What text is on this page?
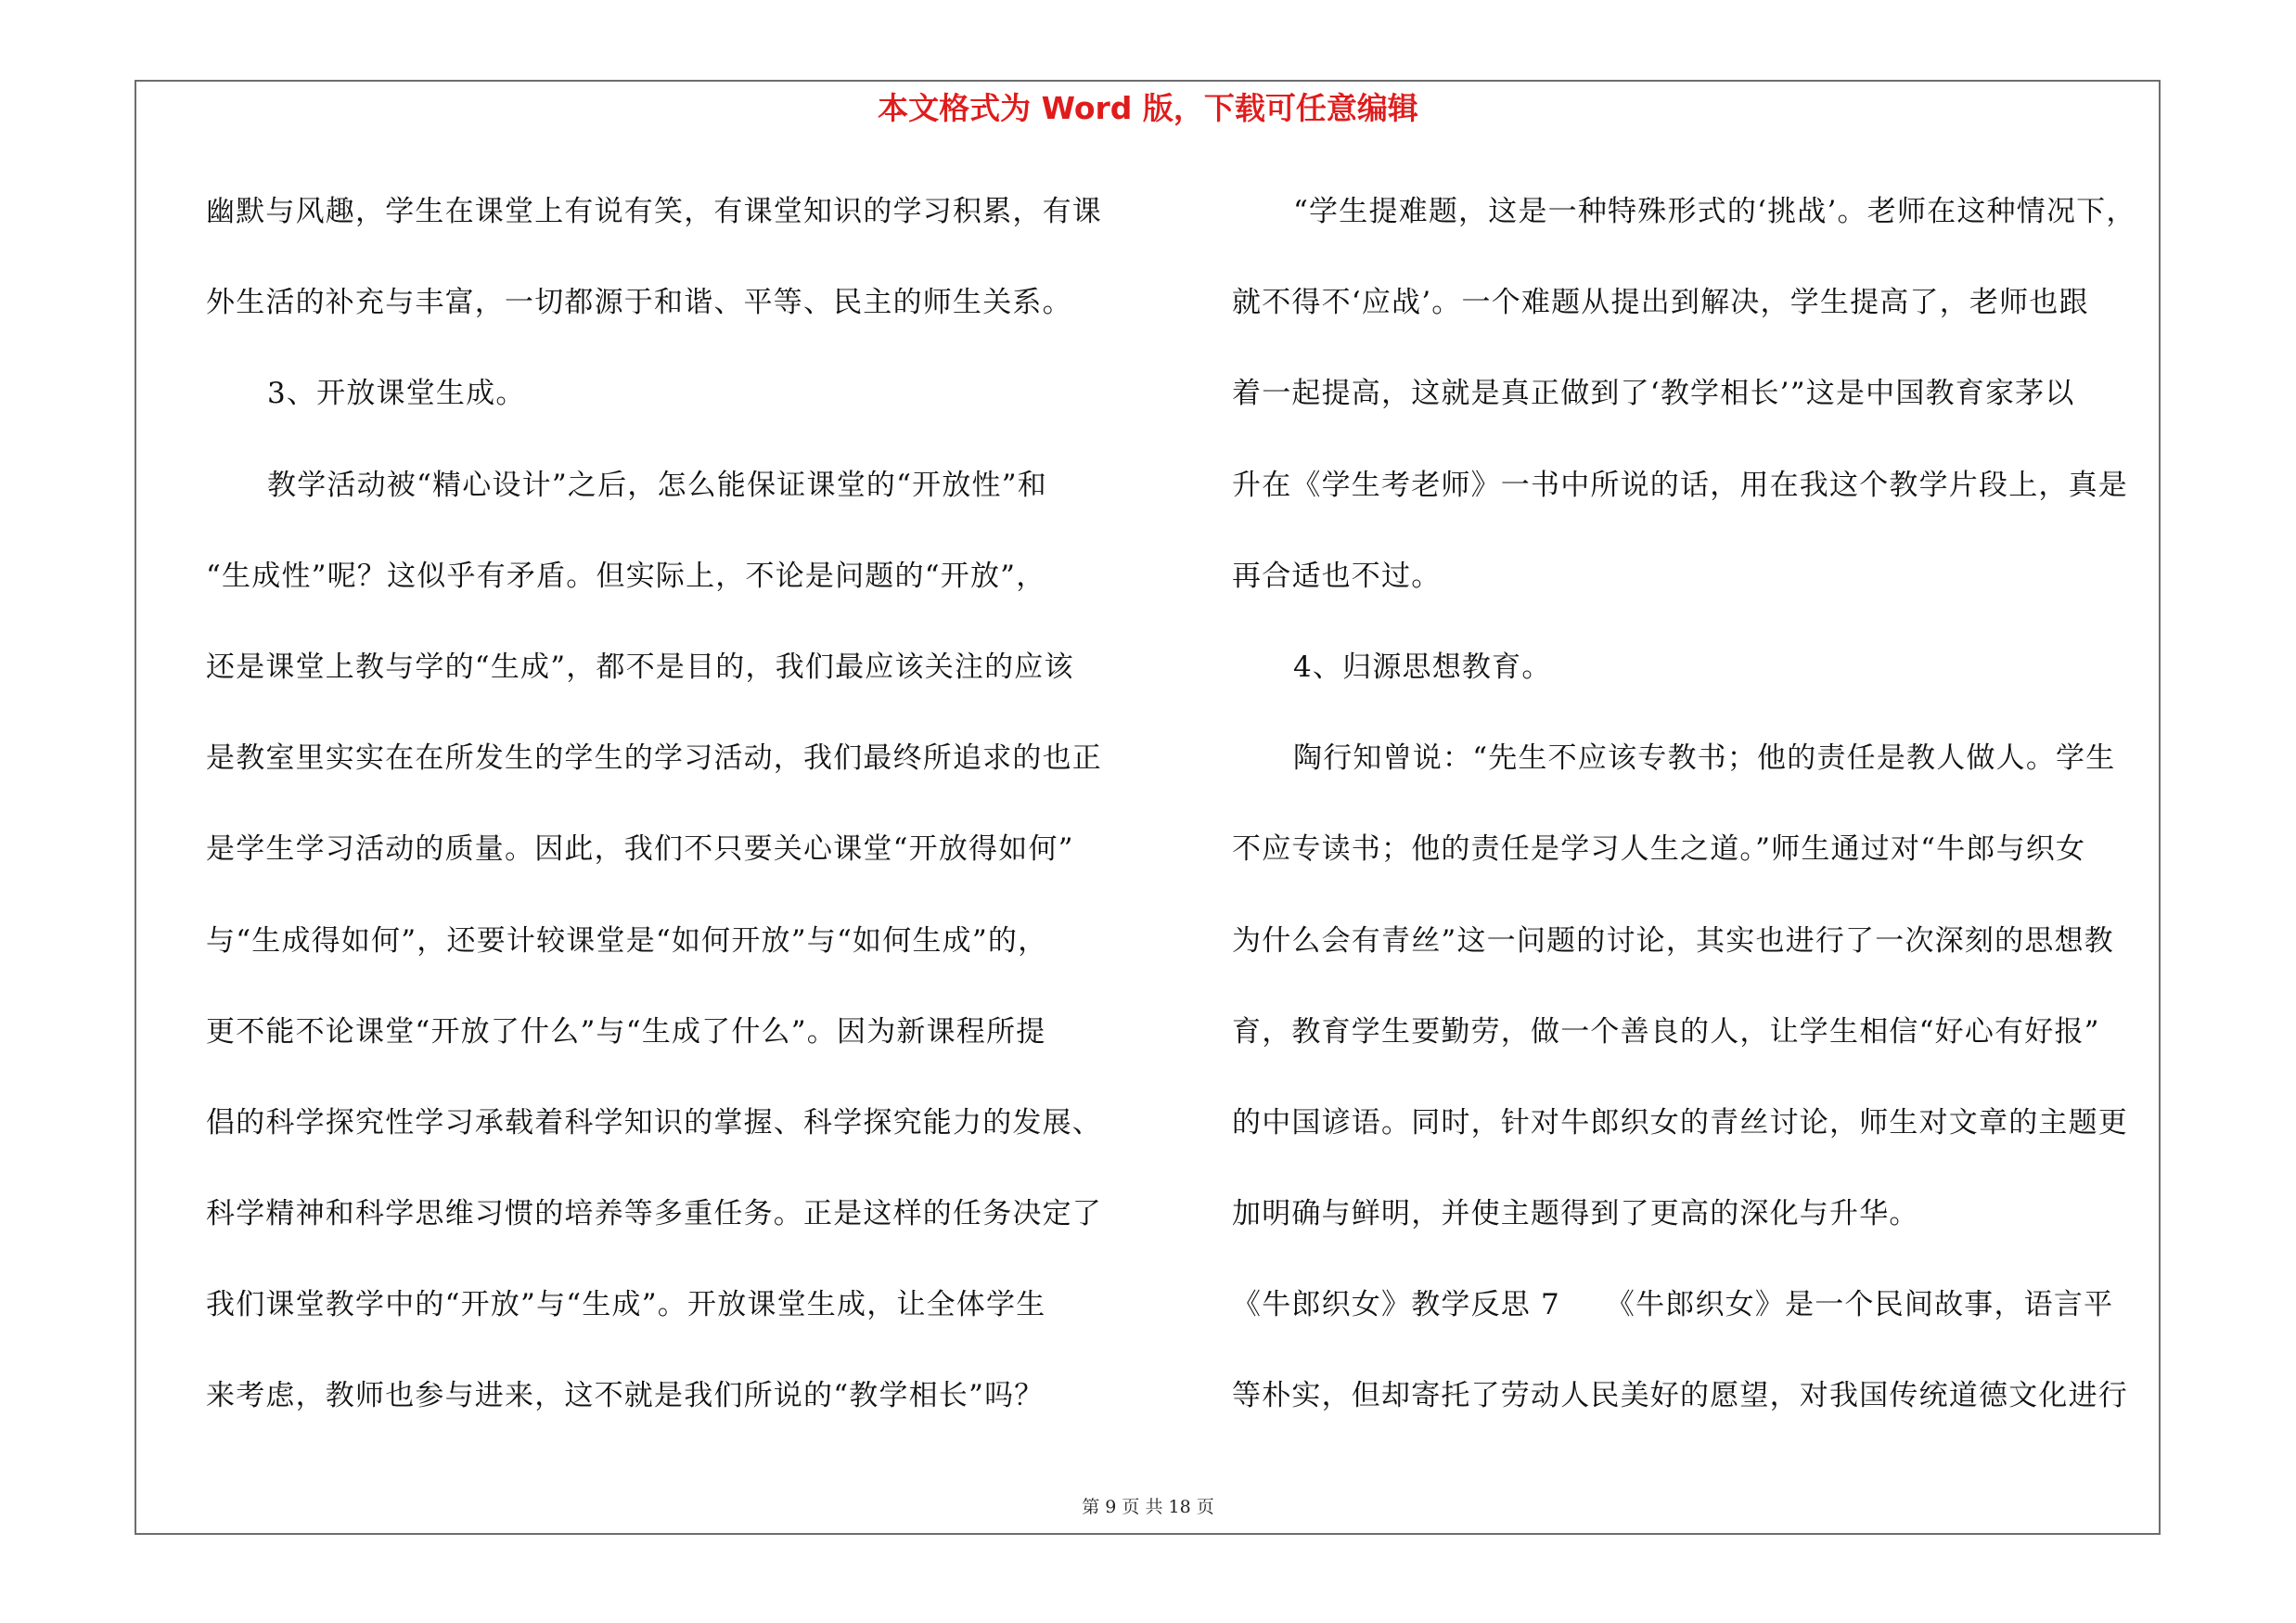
本文格式为 Word 版，下载可任意编辑
幽默与风趣，学生在课堂上有说有笑，有课堂知识的学习积累，有课
外生活的补充与丰富，一切都源于和谐、平等、民主的师生关系。
3、开放课堂生成。
教学活动被“精心设计”之后，怎么能保证课堂的“开放性”和
“生成性”呢？这似乎有矛盾。但实际上，不论是问题的“开放”，
还是课堂上教与学的“生成”，都不是目的，我们最应该关注的应该
是教室里实实在在所发生的学生的学习活动，我们最终所追求的也正
是学生学习活动的质量。因此，我们不只要关心课堂“开放得如何”
与“生成得如何”，还要计较课堂是“如何开放”与“如何生成”的，
更不能不论课堂“开放了什么”与“生成了什么”。因为新课程所提
倡的科学探究性学习承载着科学知识的掌握、科学探究能力的发展、
科学精神和科学思维习惯的培养等多重任务。正是这样的任务决定了
我们课堂教学中的“开放”与“生成”。开放课堂生成，让全体学生
来考虑，教师也参与进来，这不就是我们所说的“教学相长”吗？
“学生提难题，这是一种特殊形式的‘挑战’。老师在这种情况下，
就不得不‘应战’。一个难题从提出到解决，学生提高了，老师也跟
着一起提高，这就是真正做到了‘教学相长’”这是中国教育家茅以
升在《学生考老师》一书中所说的话，用在我这个教学片段上，真是
再合适也不过。
4、归源思想教育。
陶行知曾说：“先生不应该专教书；他的责任是教人做人。学生
不应专读书；他的责任是学习人生之道。”师生通过对“牛郎与织女
为什么会有青丝”这一问题的讨论，其实也进行了一次深刻的思想教
育，教育学生要勤劳，做一个善良的人，让学生相信“好心有好报”
的中国谚语。同时，针对牛郎织女的青丝讨论，师生对文章的主题更
加明确与鲜明，并使主题得到了更高的深化与升华。
《牛郎织女》教学反思 7　　《牛郎织女》是一个民间故事，语言平
等朴实，但却寄托了劳动人民美好的愿望，对我国传统道德文化进行
第 9 页 共 18 页
